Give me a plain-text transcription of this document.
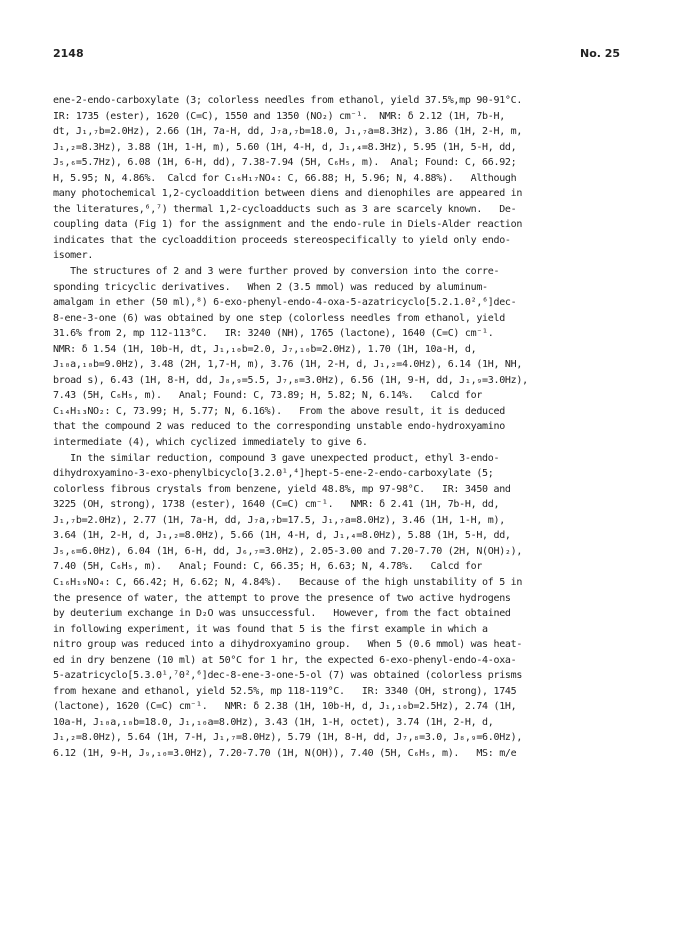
2148	No. 25
ene-2-endo-carboxylate (3; colorless needles from ethanol, yield 37.5%,mp 90-91°C.
IR: 1735 (ester), 1620 (C=C), 1550 and 1350 (NO₂) cm⁻¹.  NMR: δ 2.12 (1H, 7b-H,
dt, J₁,₇b=2.0Hz), 2.66 (1H, 7a-H, dd, J₇a,₇b=18.0, J₁,₇a=8.3Hz), 3.86 (1H, 2-H, m,
J₁,₂=8.3Hz), 3.88 (1H, 1-H, m), 5.60 (1H, 4-H, d, J₁,₄=8.3Hz), 5.95 (1H, 5-H, dd,
J₅,₆=5.7Hz), 6.08 (1H, 6-H, dd), 7.38-7.94 (5H, C₆H₅, m).  Anal; Found: C, 66.92;
H, 5.95; N, 4.86%.  Calcd for C₁₆H₁₇NO₄: C, 66.88; H, 5.96; N, 4.88%).   Although
many photochemical 1,2-cycloaddition between diens and dienophiles are appeared in
the literatures,⁶,⁷) thermal 1,2-cycloadducts such as 3 are scarcely known.   De-
coupling data (Fig 1) for the assignment and the endo-rule in Diels-Alder reaction
indicates that the cycloaddition proceeds stereospecifically to yield only endo-
isomer.
The structures of 2 and 3 were further proved by conversion into the corre-
sponding tricyclic derivatives.   When 2 (3.5 mmol) was reduced by aluminum-
amalgam in ether (50 ml),⁸) 6-exo-phenyl-endo-4-oxa-5-azatricyclo[5.2.1.0²,⁶]dec-
8-ene-3-one (6) was obtained by one step (colorless needles from ethanol, yield
31.6% from 2, mp 112-113°C.   IR: 3240 (NH), 1765 (lactone), 1640 (C=C) cm⁻¹.
NMR: δ 1.54 (1H, 10b-H, dt, J₁,₁₀b=2.0, J₇,₁₀b=2.0Hz), 1.70 (1H, 10a-H, d,
J₁₀a,₁₀b=9.0Hz), 3.48 (2H, 1,7-H, m), 3.76 (1H, 2-H, d, J₁,₂=4.0Hz), 6.14 (1H, NH,
broad s), 6.43 (1H, 8-H, dd, J₈,₉=5.5, J₇,₈=3.0Hz), 6.56 (1H, 9-H, dd, J₁,₉=3.0Hz),
7.43 (5H, C₆H₅, m).   Anal; Found: C, 73.89; H, 5.82; N, 6.14%.   Calcd for
C₁₄H₁₃NO₂: C, 73.99; H, 5.77; N, 6.16%).   From the above result, it is deduced
that the compound 2 was reduced to the corresponding unstable endo-hydroxyamino
intermediate (4), which cyclized immediately to give 6.
In the similar reduction, compound 3 gave unexpected product, ethyl 3-endo-
dihydroxyamino-3-exo-phenylbicyclo[3.2.0¹,⁴]hept-5-ene-2-endo-carboxylate (5;
colorless fibrous crystals from benzene, yield 48.8%, mp 97-98°C.   IR: 3450 and
3225 (OH, strong), 1738 (ester), 1640 (C=C) cm⁻¹.   NMR: δ 2.41 (1H, 7b-H, dd,
J₁,₇b=2.0Hz), 2.77 (1H, 7a-H, dd, J₇a,₇b=17.5, J₁,₇a=8.0Hz), 3.46 (1H, 1-H, m),
3.64 (1H, 2-H, d, J₁,₂=8.0Hz), 5.66 (1H, 4-H, d, J₁,₄=8.0Hz), 5.88 (1H, 5-H, dd,
J₅,₆=6.0Hz), 6.04 (1H, 6-H, dd, J₆,₇=3.0Hz), 2.05-3.00 and 7.20-7.70 (2H, N(OH)₂),
7.40 (5H, C₆H₅, m).   Anal; Found: C, 66.35; H, 6.63; N, 4.78%.   Calcd for
C₁₆H₁₉NO₄: C, 66.42; H, 6.62; N, 4.84%).   Because of the high unstability of 5 in
the presence of water, the attempt to prove the presence of two active hydrogens
by deuterium exchange in D₂O was unsuccessful.   However, from the fact obtained
in following experiment, it was found that 5 is the first example in which a
nitro group was reduced into a dihydroxyamino group.   When 5 (0.6 mmol) was heat-
ed in dry benzene (10 ml) at 50°C for 1 hr, the expected 6-exo-phenyl-endo-4-oxa-
5-azatricyclo[5.3.0¹,⁷0²,⁶]dec-8-ene-3-one-5-ol (7) was obtained (colorless prisms
from hexane and ethanol, yield 52.5%, mp 118-119°C.   IR: 3340 (OH, strong), 1745
(lactone), 1620 (C=C) cm⁻¹.   NMR: δ 2.38 (1H, 10b-H, d, J₁,₁₀b=2.5Hz), 2.74 (1H,
10a-H, J₁₀a,₁₀b=18.0, J₁,₁₀a=8.0Hz), 3.43 (1H, 1-H, octet), 3.74 (1H, 2-H, d,
J₁,₂=8.0Hz), 5.64 (1H, 7-H, J₁,₇=8.0Hz), 5.79 (1H, 8-H, dd, J₇,₈=3.0, J₈,₉=6.0Hz),
6.12 (1H, 9-H, J₉,₁₀=3.0Hz), 7.20-7.70 (1H, N(OH)), 7.40 (5H, C₆H₅, m).   MS: m/e
